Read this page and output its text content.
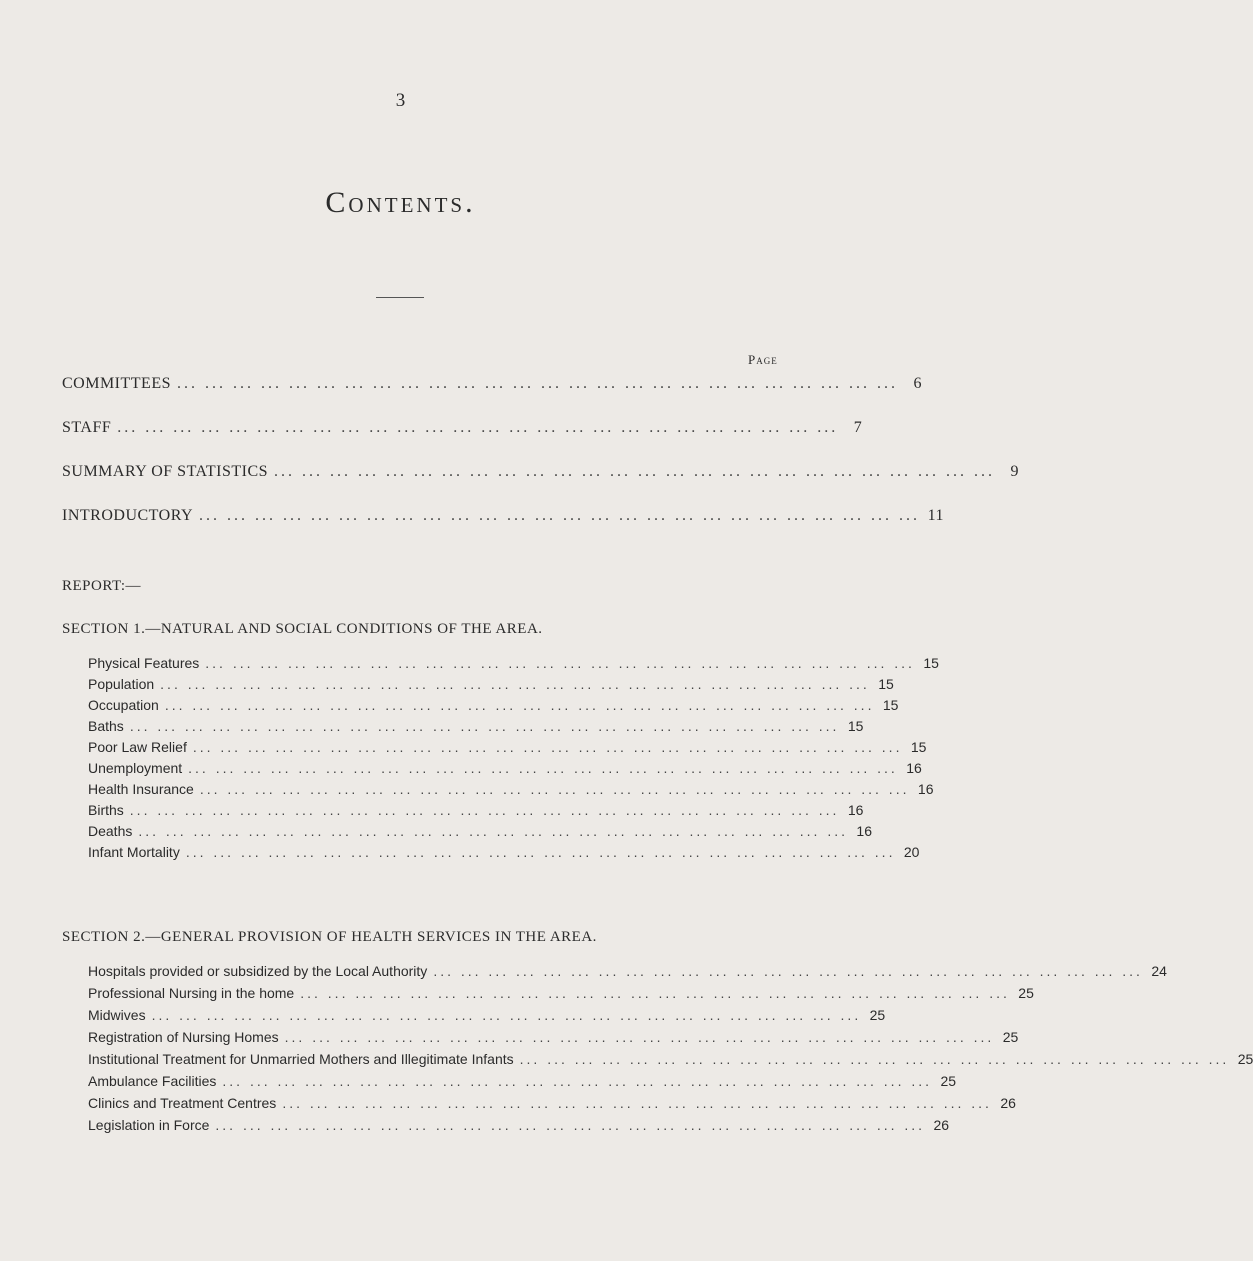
3
Contents.
Page
COMMITTEES ... ... ... ... ... ... ... ... ... ... ... ... ... ... ... ... ... ... ... ... ... ... ... ... ... ... 6
STAFF ... ... ... ... ... ... ... ... ... ... ... ... ... ... ... ... ... ... ... ... ... ... ... ... ... ... 7
SUMMARY OF STATISTICS ... ... ... ... ... ... ... ... ... ... ... ... ... ... ... ... ... ... ... ... ... ... ... ... ... ... 9
INTRODUCTORY ... ... ... ... ... ... ... ... ... ... ... ... ... ... ... ... ... ... ... ... ... ... ... ... ... ... 11
REPORT:—
SECTION 1.—NATURAL AND SOCIAL CONDITIONS OF THE AREA.
Physical Features ... ... ... ... ... ... ... ... ... ... ... ... ... ... ... ... ... ... ... ... ... ... ... ... ... ... 15
Population ... ... ... ... ... ... ... ... ... ... ... ... ... ... ... ... ... ... ... ... ... ... ... ... ... ... 15
Occupation ... ... ... ... ... ... ... ... ... ... ... ... ... ... ... ... ... ... ... ... ... ... ... ... ... ... 15
Baths ... ... ... ... ... ... ... ... ... ... ... ... ... ... ... ... ... ... ... ... ... ... ... ... ... ... 15
Poor Law Relief ... ... ... ... ... ... ... ... ... ... ... ... ... ... ... ... ... ... ... ... ... ... ... ... ... ... 15
Unemployment ... ... ... ... ... ... ... ... ... ... ... ... ... ... ... ... ... ... ... ... ... ... ... ... ... ... 16
Health Insurance ... ... ... ... ... ... ... ... ... ... ... ... ... ... ... ... ... ... ... ... ... ... ... ... ... ... 16
Births ... ... ... ... ... ... ... ... ... ... ... ... ... ... ... ... ... ... ... ... ... ... ... ... ... ... 16
Deaths ... ... ... ... ... ... ... ... ... ... ... ... ... ... ... ... ... ... ... ... ... ... ... ... ... ... 16
Infant Mortality ... ... ... ... ... ... ... ... ... ... ... ... ... ... ... ... ... ... ... ... ... ... ... ... ... ... 20
SECTION 2.—GENERAL PROVISION OF HEALTH SERVICES IN THE AREA.
Hospitals provided or subsidized by the Local Authority ... ... ... ... ... ... ... ... ... ... ... ... ... ... ... ... ... ... ... ... ... ... ... ... ... ... 24
Professional Nursing in the home ... ... ... ... ... ... ... ... ... ... ... ... ... ... ... ... ... ... ... ... ... ... ... ... ... ... 25
Midwives ... ... ... ... ... ... ... ... ... ... ... ... ... ... ... ... ... ... ... ... ... ... ... ... ... ... 25
Registration of Nursing Homes ... ... ... ... ... ... ... ... ... ... ... ... ... ... ... ... ... ... ... ... ... ... ... ... ... ... 25
Institutional Treatment for Unmarried Mothers and Illegitimate Infants ... ... ... ... ... ... ... ... ... ... ... ... ... ... ... ... ... ... ... ... ... ... ... ... ... ... 25
Ambulance Facilities ... ... ... ... ... ... ... ... ... ... ... ... ... ... ... ... ... ... ... ... ... ... ... ... ... ... 25
Clinics and Treatment Centres ... ... ... ... ... ... ... ... ... ... ... ... ... ... ... ... ... ... ... ... ... ... ... ... ... ... 26
Legislation in Force ... ... ... ... ... ... ... ... ... ... ... ... ... ... ... ... ... ... ... ... ... ... ... ... ... ... 26
